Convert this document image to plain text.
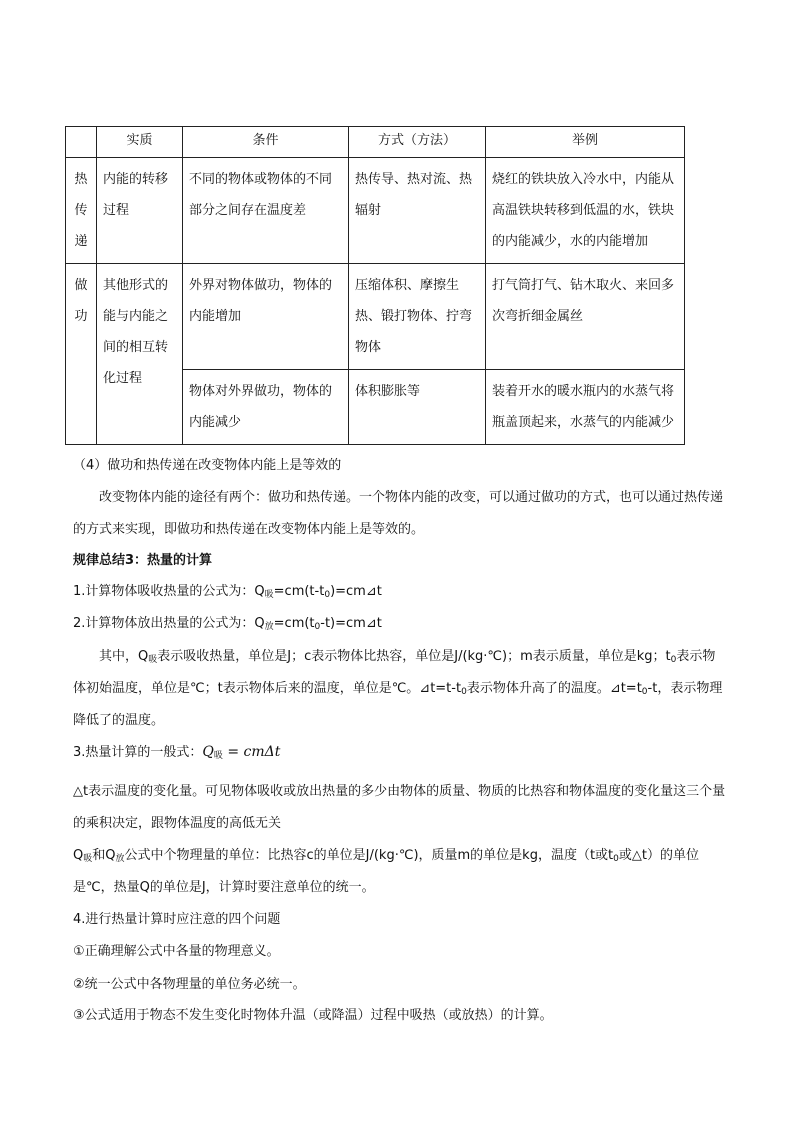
	实质	条件	方式（方法）	举例
热传递	内能的转移过程	不同的物体或物体的不同部分之间存在温度差	热传导、热对流、热辐射	烧红的铁块放入冷水中，内能从高温铁块转移到低温的水，铁块的内能减少，水的内能增加
做功	其他形式的能与内能之间的相互转化过程	外界对物体做功，物体的内能增加	压缩体积、摩擦生热、锻打物体、拧弯物体	打气筒打气、钻木取火、来回多次弯折细金属丝
		物体对外界做功，物体的内能减少	体积膨胀等	装着开水的暖水瓶内的水蒸气将瓶盖顶起来，水蒸气的内能减少

（4）做功和热传递在改变物体内能上是等效的

改变物体内能的途径有两个：做功和热传递。一个物体内能的改变，可以通过做功的方式，也可以通过热传递的方式来实现，即做功和热传递在改变物体内能上是等效的。

规律总结3：热量的计算

1.计算物体吸收热量的公式为：$Q_吸=cm(t-t_0)=cm⊿t$

2.计算物体放出热量的公式为：$Q_放=cm(t_0-t)=cm⊿t$

其中，$Q_吸$表示吸收热量，单位是J；c表示物体比热容，单位是J/(kg·℃)；m表示质量，单位是kg；$t_0$表示物体初始温度，单位是℃；t表示物体后来的温度，单位是℃。$⊿t=t-t_0$表示物体升高了的温度。$⊿t=t_0-t$，表示物理降低了的温度。

3.热量计算的一般式：$Q_吸 = cm\Delta t$

△t表示温度的变化量。可见物体吸收或放出热量的多少由物体的质量、物质的比热容和物体温度的变化量这三个量的乘积决定，跟物体温度的高低无关

$Q_吸$和$Q_放$公式中个物理量的单位：比热容c的单位是J/(kg·℃)，质量m的单位是kg，温度（t或$t_0$或△t）的单位是℃，热量Q的单位是J，计算时要注意单位的统一。

4.进行热量计算时应注意的四个问题

①正确理解公式中各量的物理意义。

②统一公式中各物理量的单位务必统一。

③公式适用于物态不发生变化时物体升温（或降温）过程中吸热（或放热）的计算。
